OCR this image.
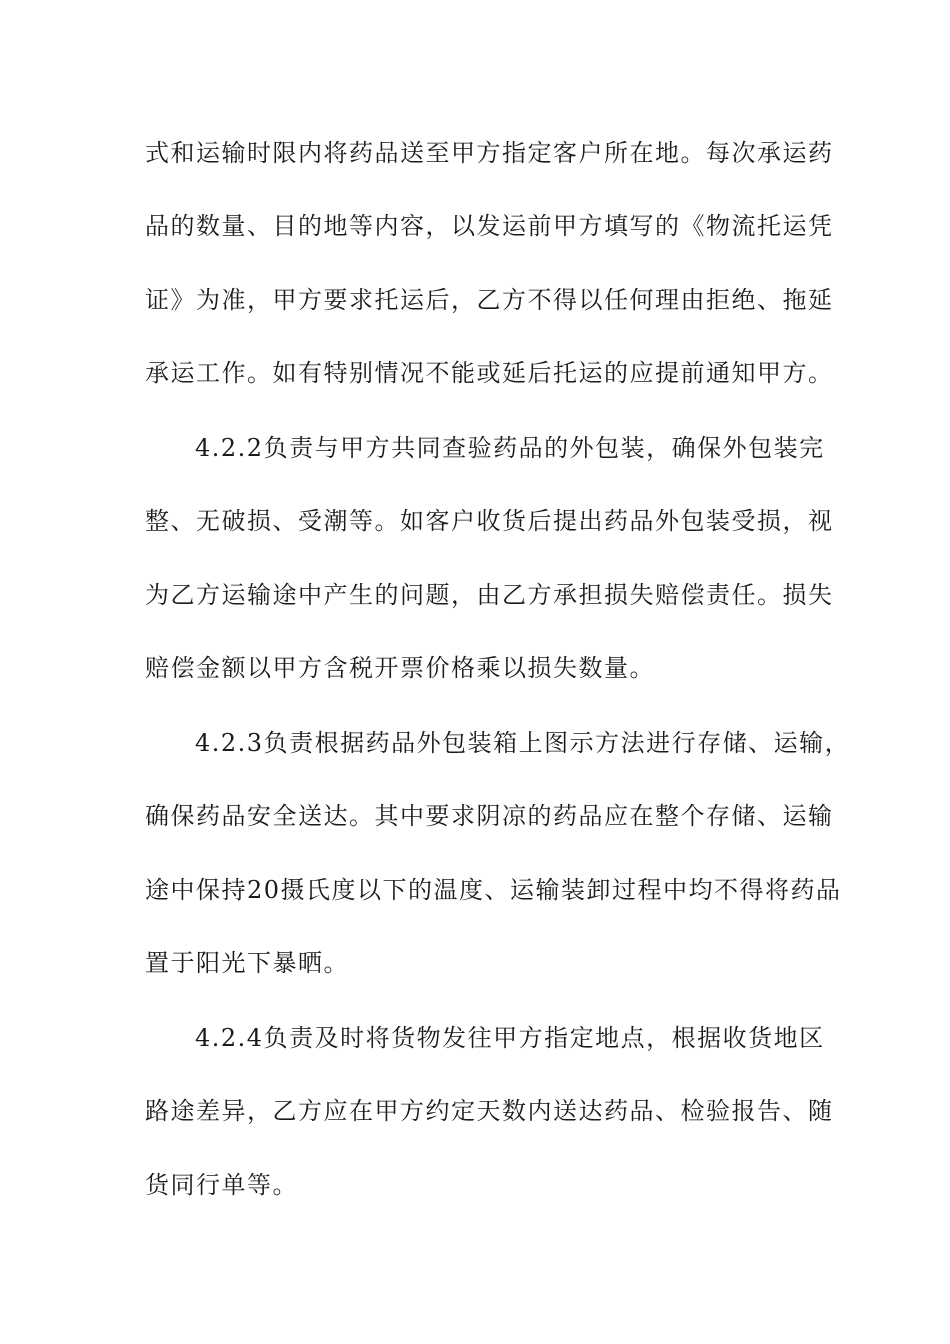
式和运输时限内将药品送至甲方指定客户所在地。每次承运药
品的数量、目的地等内容，以发运前甲方填写的《物流托运凭
证》为准，甲方要求托运后，乙方不得以任何理由拒绝、拖延
承运工作。如有特别情况不能或延后托运的应提前通知甲方。
4.2.2负责与甲方共同查验药品的外包装，确保外包装完
整、无破损、受潮等。如客户收货后提出药品外包装受损，视
为乙方运输途中产生的问题，由乙方承担损失赔偿责任。损失
赔偿金额以甲方含税开票价格乘以损失数量。
4.2.3负责根据药品外包装箱上图示方法进行存储、运输，
确保药品安全送达。其中要求阴凉的药品应在整个存储、运输
途中保持20摄氏度以下的温度、运输装卸过程中均不得将药品
置于阳光下暴晒。
4.2.4负责及时将货物发往甲方指定地点，根据收货地区
路途差异，乙方应在甲方约定天数内送达药品、检验报告、随
货同行单等。
